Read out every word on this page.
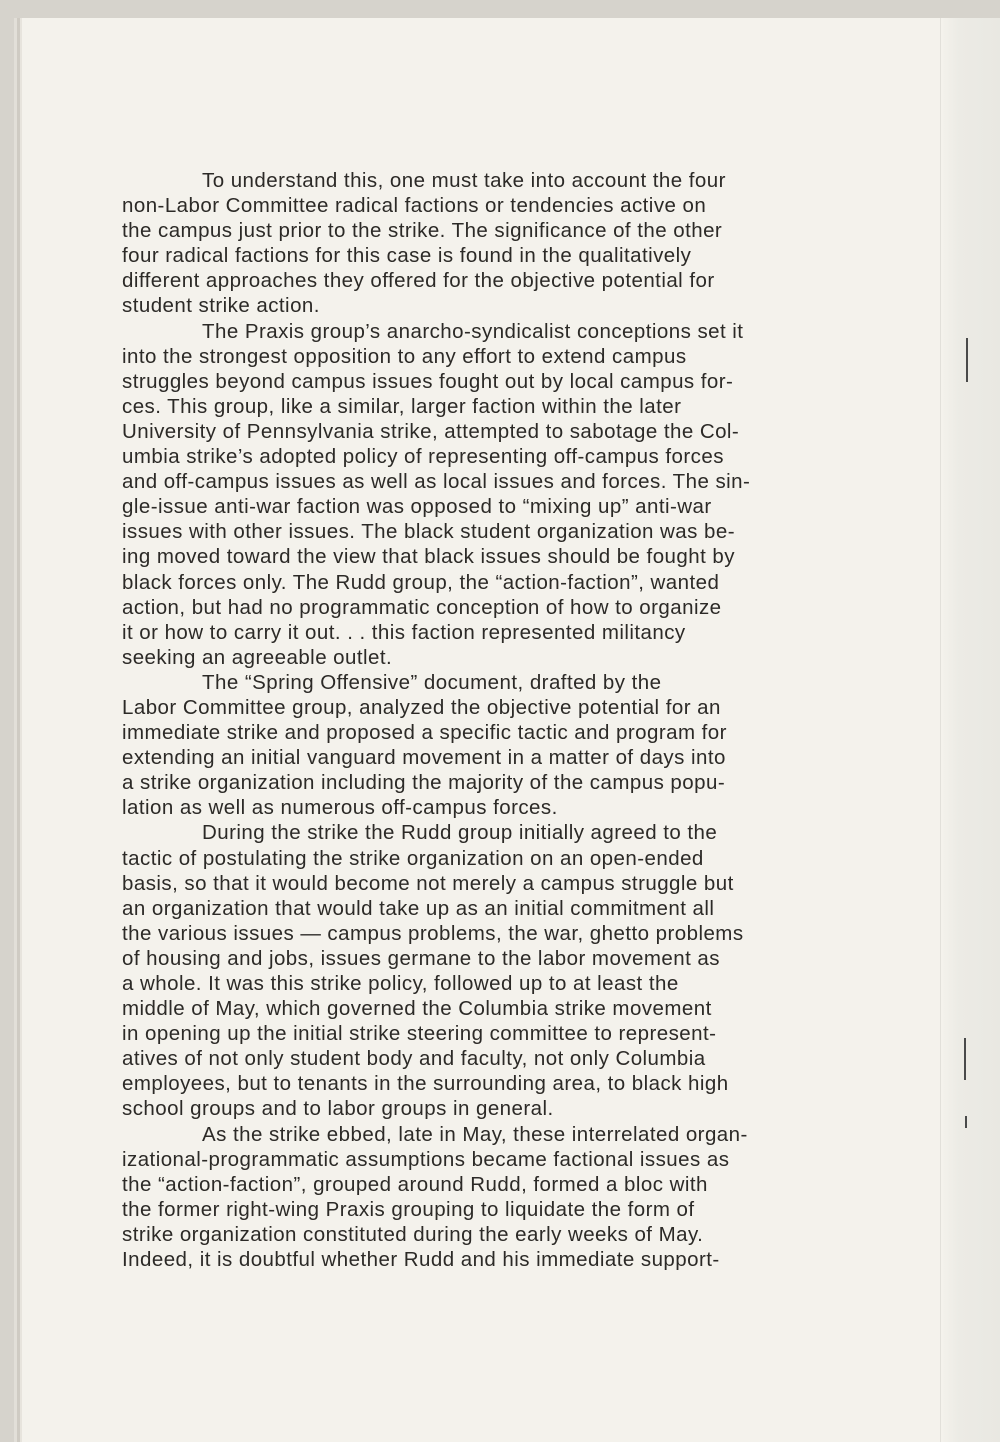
To understand this, one must take into account the four
non-Labor Committee radical factions or tendencies active on
the campus just prior to the strike. The significance of the other
four radical factions for this case is found in the qualitatively
different approaches they offered for the objective potential for
student strike action.

The Praxis group’s anarcho-syndicalist conceptions set it
into the strongest opposition to any effort to extend campus
struggles beyond campus issues fought out by local campus for-
ces. This group, like a similar, larger faction within the later
University of Pennsylvania strike, attempted to sabotage the Col-
umbia strike’s adopted policy of representing off-campus forces
and off-campus issues as well as local issues and forces. The sin-
gle-issue anti-war faction was opposed to “mixing up” anti-war
issues with other issues. The black student organization was be-
ing moved toward the view that black issues should be fought by
black forces only. The Rudd group, the “action-faction”, wanted
action, but had no programmatic conception of how to organize
it or how to carry it out. . . this faction represented militancy
seeking an agreeable outlet.

The “Spring Offensive” document, drafted by the
Labor Committee group, analyzed the objective potential for an
immediate strike and proposed a specific tactic and program for
extending an initial vanguard movement in a matter of days into
a strike organization including the majority of the campus popu-
lation as well as numerous off-campus forces.

During the strike the Rudd group initially agreed to the
tactic of postulating the strike organization on an open-ended
basis, so that it would become not merely a campus struggle but
an organization that would take up as an initial commitment all
the various issues — campus problems, the war, ghetto problems
of housing and jobs, issues germane to the labor movement as
a whole. It was this strike policy, followed up to at least the
middle of May, which governed the Columbia strike movement
in opening up the initial strike steering committee to represent-
atives of not only student body and faculty, not only Columbia
employees, but to tenants in the surrounding area, to black high
school groups and to labor groups in general.

As the strike ebbed, late in May, these interrelated organ-
izational-programmatic assumptions became factional issues as
the “action-faction”, grouped around Rudd, formed a bloc with
the former right-wing Praxis grouping to liquidate the form of
strike organization constituted during the early weeks of May.
Indeed, it is doubtful whether Rudd and his immediate support-
